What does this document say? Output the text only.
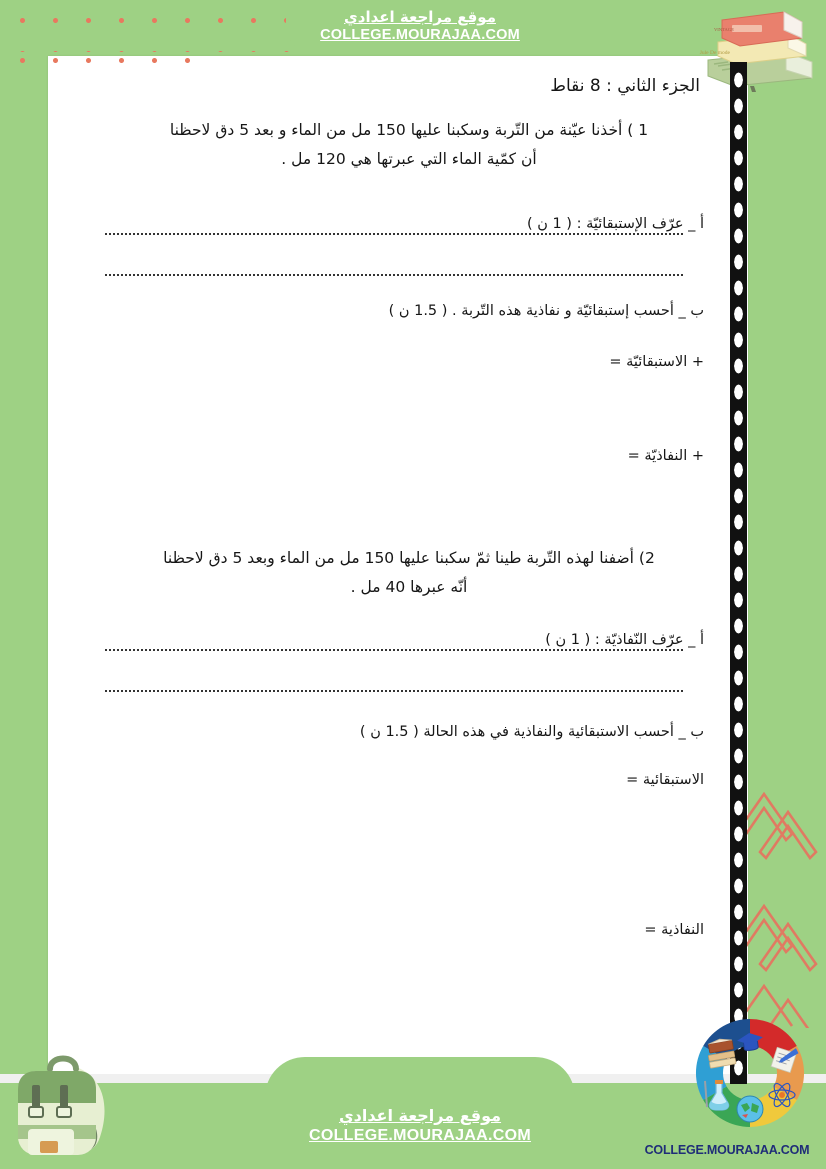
موقع مراجعة اعدادي
COLLEGE.MOURAJAA.COM
Jule De mode
VINTAGE
موقع مراجعة اعدادي
COLLEGE.MOURAJAA.COM
COLLEGE.MOURAJAA.COM
الجزء الثاني : 8 نقاط
1 ) أخذنا عيّنة من التّربة وسكبنا عليها 150 مل من الماء و بعد 5 دق لاحظنا
أن كمّية الماء التي عبرتها هي 120 مل .
أ _ عرّف الإستبقائيّة : ( 1 ن )
ب _ أحسب إستبقائيّة و نفاذية هذه التّربة . ( 1.5 ن )
+ الاستبقائيّة =
+ النفاذيّة =
2) أضفنا لهذه التّربة طينا ثمّ سكبنا عليها 150 مل من الماء وبعد 5 دق لاحظنا
أنّه عبرها 40 مل .
أ _ عرّف النّفاذيّة : ( 1 ن )
ب _ أحسب الاستبقائية والنفاذية في هذه الحالة ( 1.5 ن )
الاستبقائية =
النفاذية =
